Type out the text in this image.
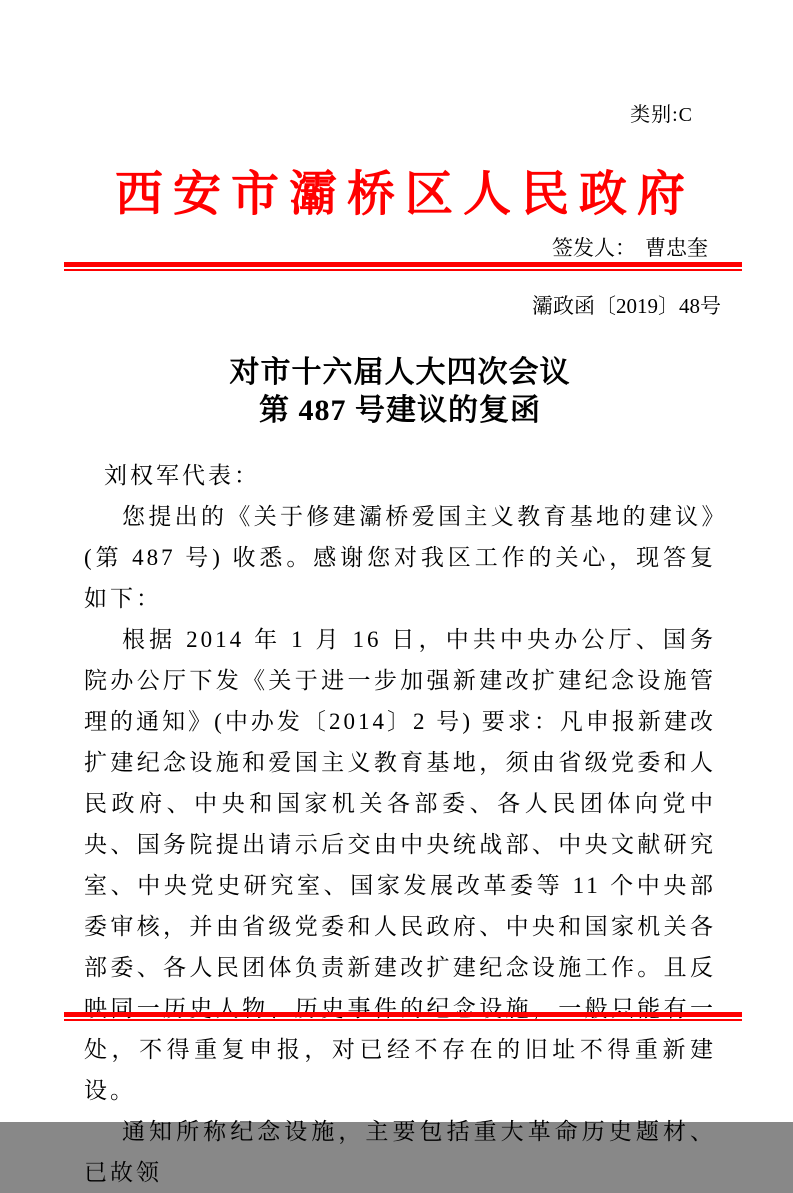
类别:C
西安市灞桥区人民政府
签发人： 曹忠奎
灞政函〔2019〕48号
对市十六届人大四次会议
第 487 号建议的复函

刘权军代表：

您提出的《关于修建灞桥爱国主义教育基地的建议》(第 487 号) 收悉。感谢您对我区工作的关心，现答复如下：

根据 2014 年 1 月 16 日，中共中央办公厅、国务院办公厅下发《关于进一步加强新建改扩建纪念设施管理的通知》(中办发〔2014〕2 号) 要求：凡申报新建改扩建纪念设施和爱国主义教育基地，须由省级党委和人民政府、中央和国家机关各部委、各人民团体向党中央、国务院提出请示后交由中央统战部、中央文献研究室、中央党史研究室、国家发展改革委等 11 个中央部委审核，并由省级党委和人民政府、中央和国家机关各部委、各人民团体负责新建改扩建纪念设施工作。且反映同一历史人物、历史事件的纪念设施，一般只能有一处，不得重复申报，对已经不存在的旧址不得重新建设。

通知所称纪念设施，主要包括重大革命历史题材、已故领
